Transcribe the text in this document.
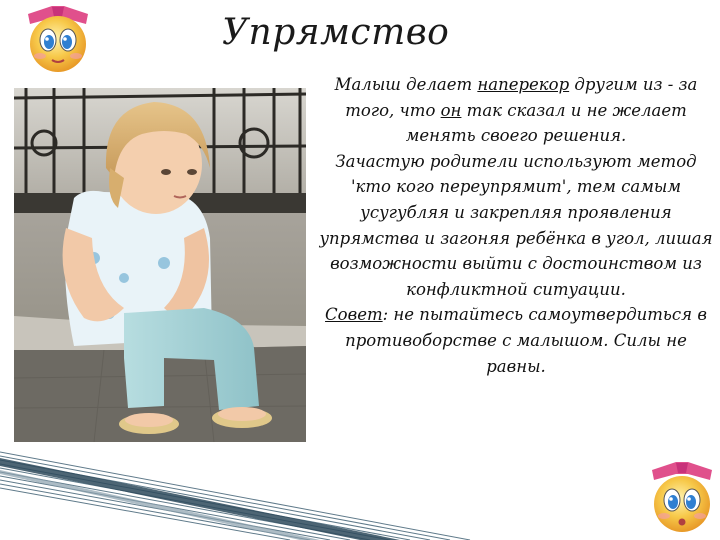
Упрямство

Малыш делает наперекор другим из - за того, что он так сказал и не желает менять своего решения.

Зачастую родители используют метод 'кто кого переупрямит', тем самым усугубляя и закрепляя проявления упрямства и загоняя ребёнка в угол, лишая возможности выйти с достоинством из конфликтной ситуации.

Совет: не пытайтесь самоутвердиться в противоборстве с малышом. Силы не равны.
